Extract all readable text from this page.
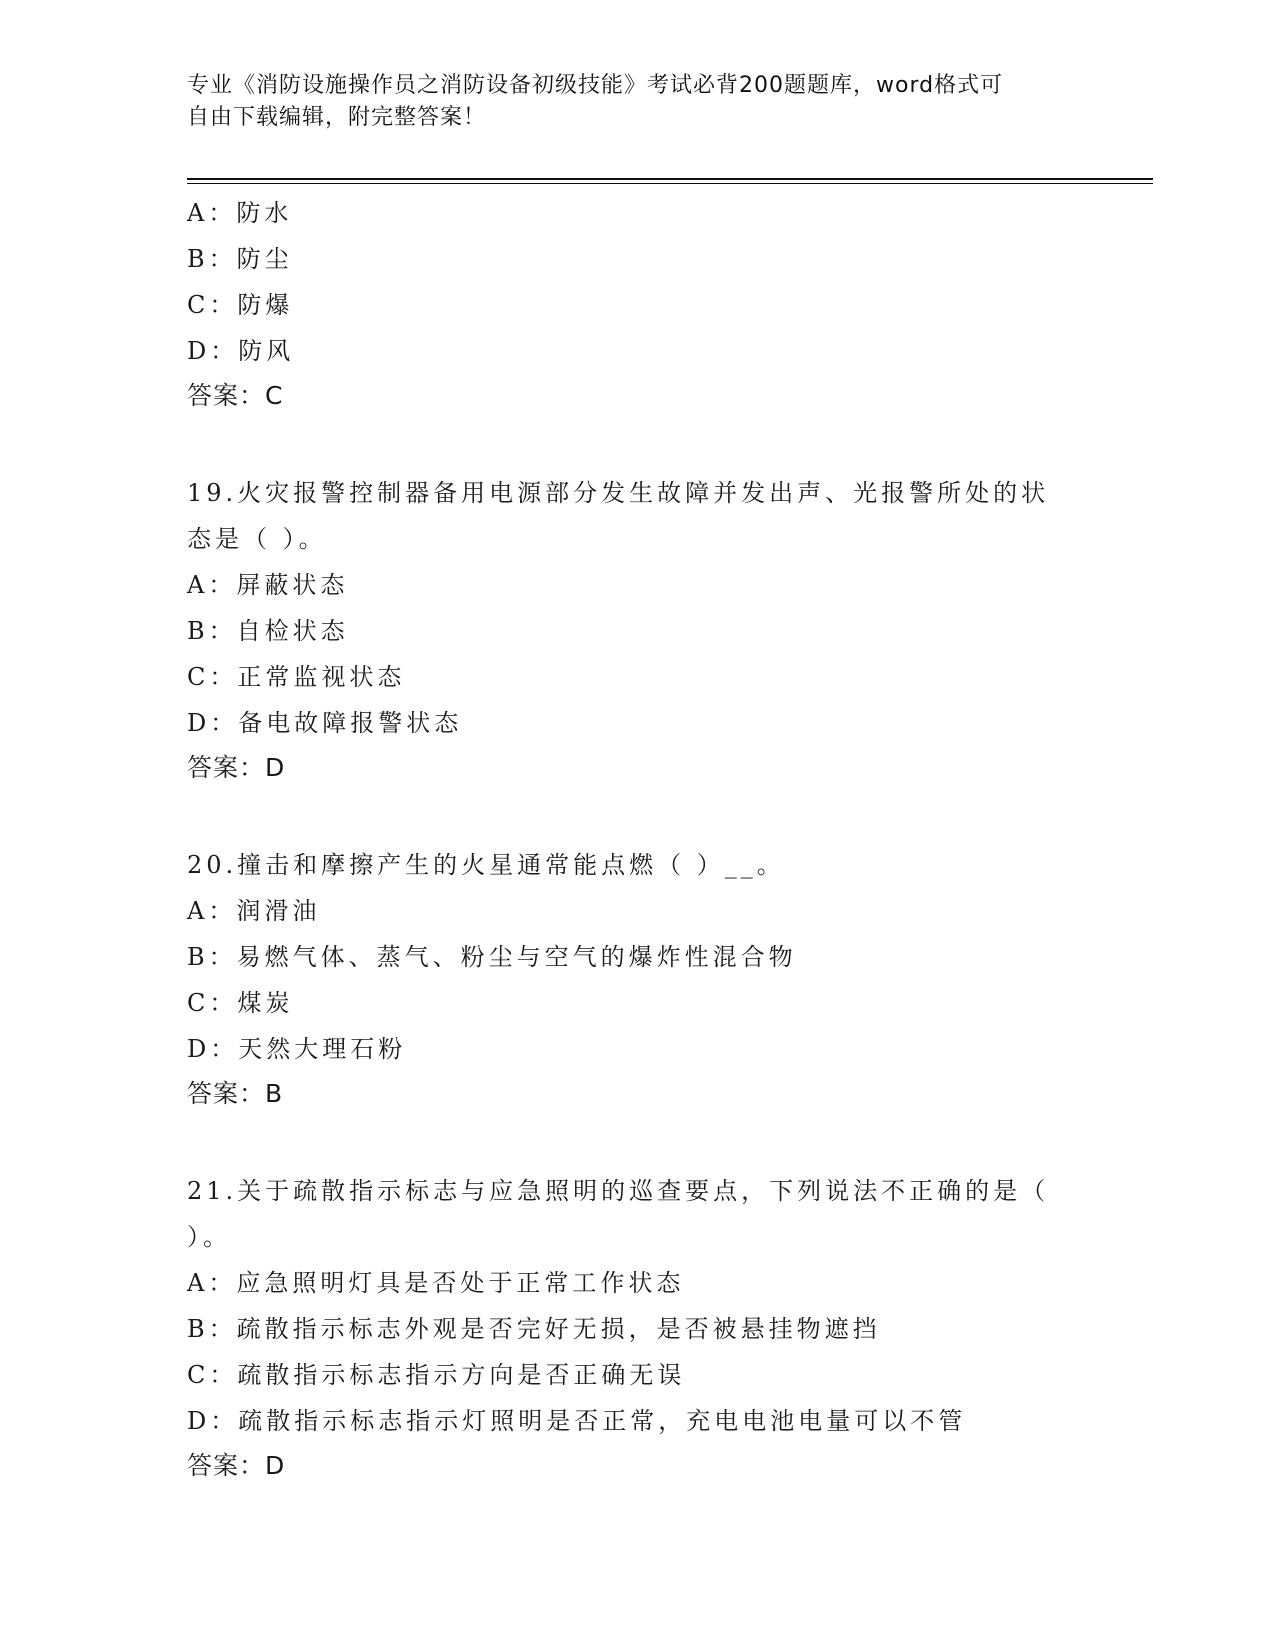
专业《消防设施操作员之消防设备初级技能》考试必背200题题库，word格式可
自由下载编辑，附完整答案！
A：防水
B：防尘
C：防爆
D：防风
答案：C
19.火灾报警控制器备用电源部分发生故障并发出声、光报警所处的状
态是（ ）。
A：屏蔽状态
B：自检状态
C：正常监视状态
D：备电故障报警状态
答案：D
20.撞击和摩擦产生的火星通常能点燃（ ）__。
A：润滑油
B：易燃气体、蒸气、粉尘与空气的爆炸性混合物
C：煤炭
D：天然大理石粉
答案：B
21.关于疏散指示标志与应急照明的巡查要点，下列说法不正确的是（
）。
A：应急照明灯具是否处于正常工作状态
B：疏散指示标志外观是否完好无损，是否被悬挂物遮挡
C：疏散指示标志指示方向是否正确无误
D：疏散指示标志指示灯照明是否正常，充电电池电量可以不管
答案：D
